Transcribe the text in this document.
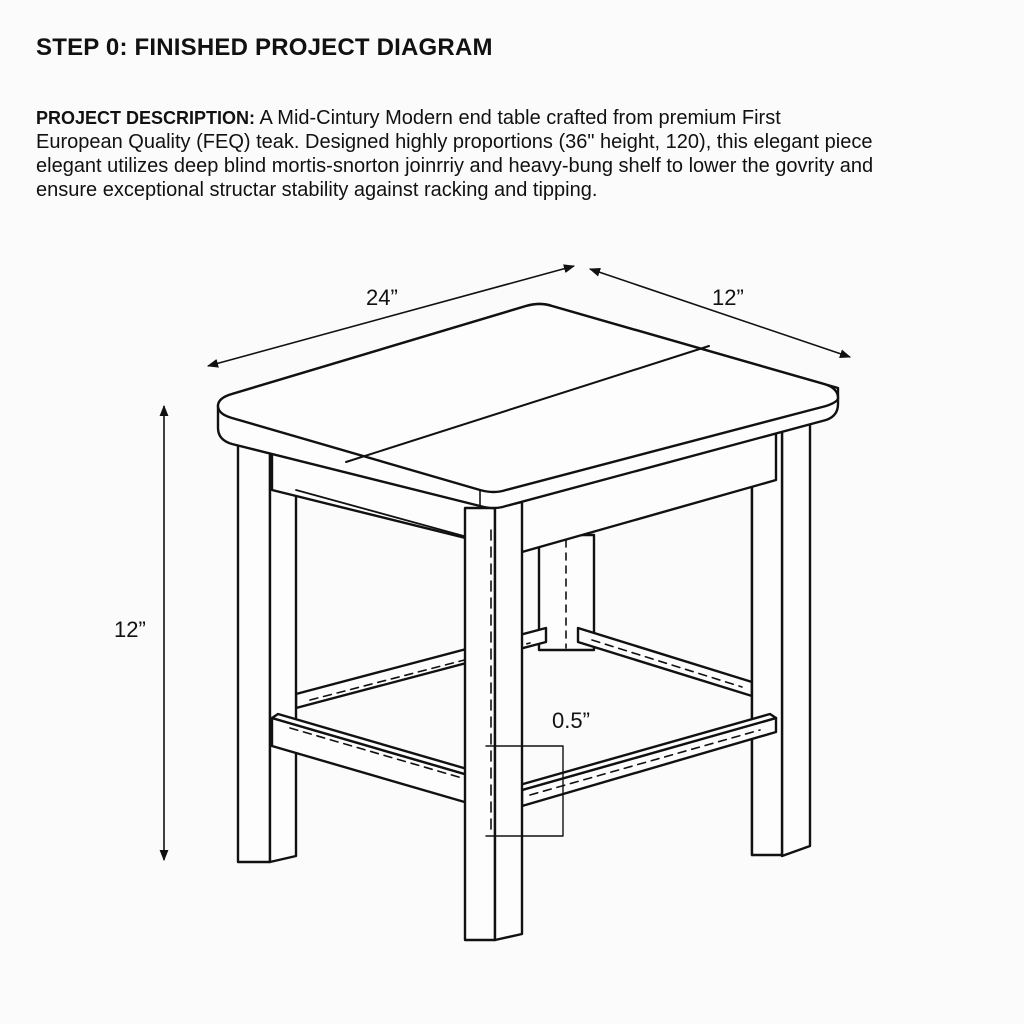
STEP 0: FINISHED PROJECT DIAGRAM

PROJECT DESCRIPTION: A Mid-Cintury Modern end table crafted from premium First
European Quality (FEQ) teak. Designed highly proportions (36" height, 120), this elegant piece
elegant utilizes deep blind mortis-snorton joinrriy and heavy-bung shelf to lower the govrity and
ensure exceptional structar stability against racking and tipping.

24”	12”
12”
0.5”
